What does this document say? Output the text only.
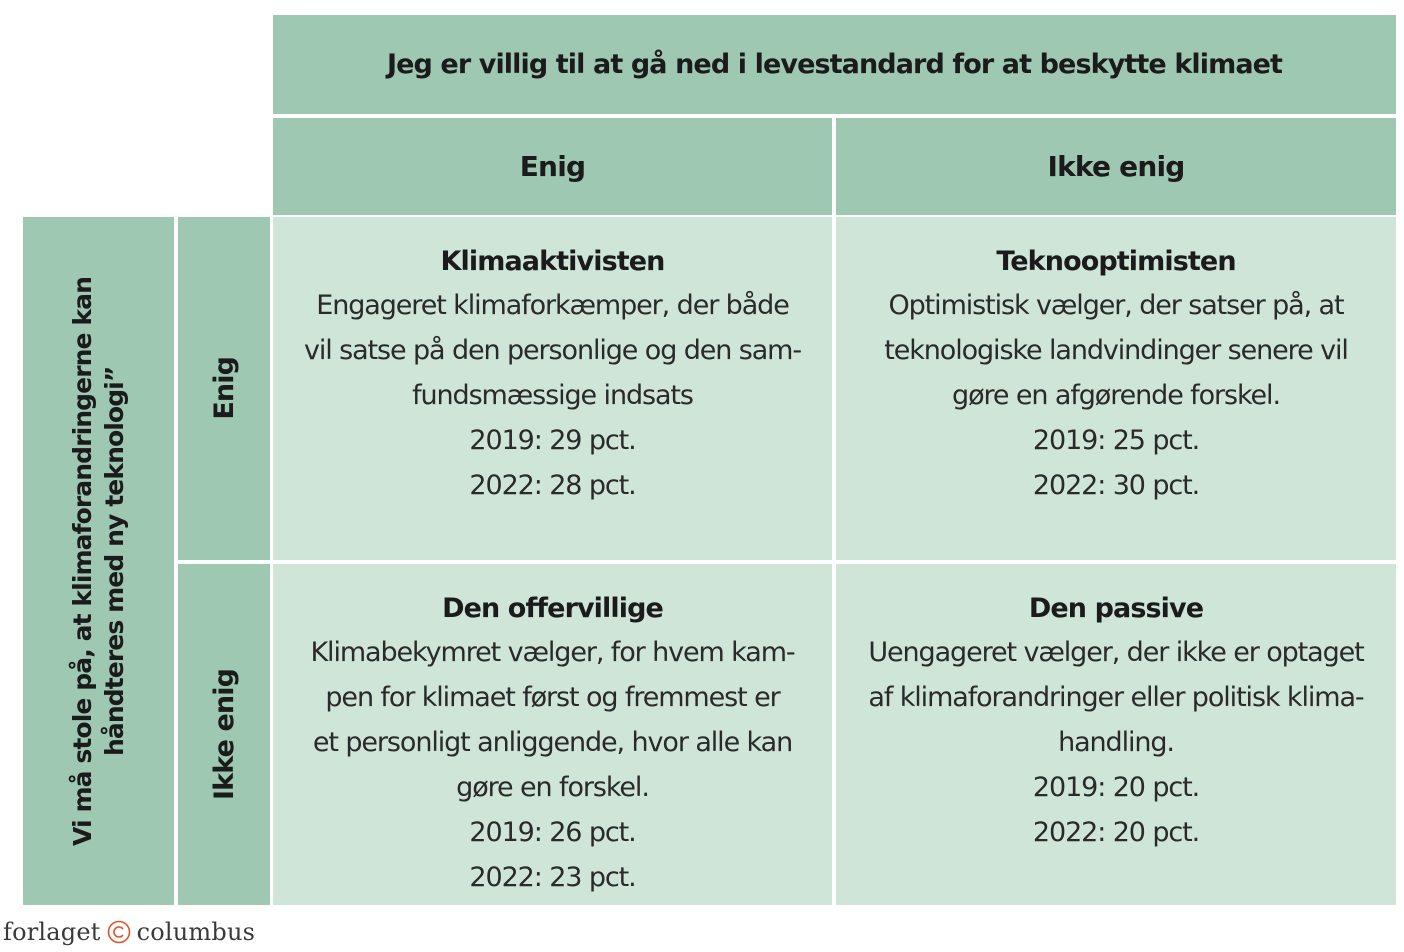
Jeg er villig til at gå ned i levestandard for at beskytte klimaet
Enig	Ikke enig
Vi må stole på, at klimaforandringerne kan håndteres med ny teknologi”	Enig
Ikke enig
Klimaaktivisten
Engageret klimaforkæmper, der både
vil satse på den personlige og den sam-
fundsmæssige indsats
2019: 29 pct.
2022: 28 pct.
Teknooptimisten
Optimistisk vælger, der satser på, at
teknologiske landvindinger senere vil
gøre en afgørende forskel.
2019: 25 pct.
2022: 30 pct.
Den offervillige
Klimabekymret vælger, for hvem kam-
pen for klimaet først og fremmest er
et personligt anliggende, hvor alle kan
gøre en forskel.
2019: 26 pct.
2022: 23 pct.
Den passive
Uengageret vælger, der ikke er optaget
af klimaforandringer eller politisk klima-
handling.
2019: 20 pct.
2022: 20 pct.
forlaget columbus
